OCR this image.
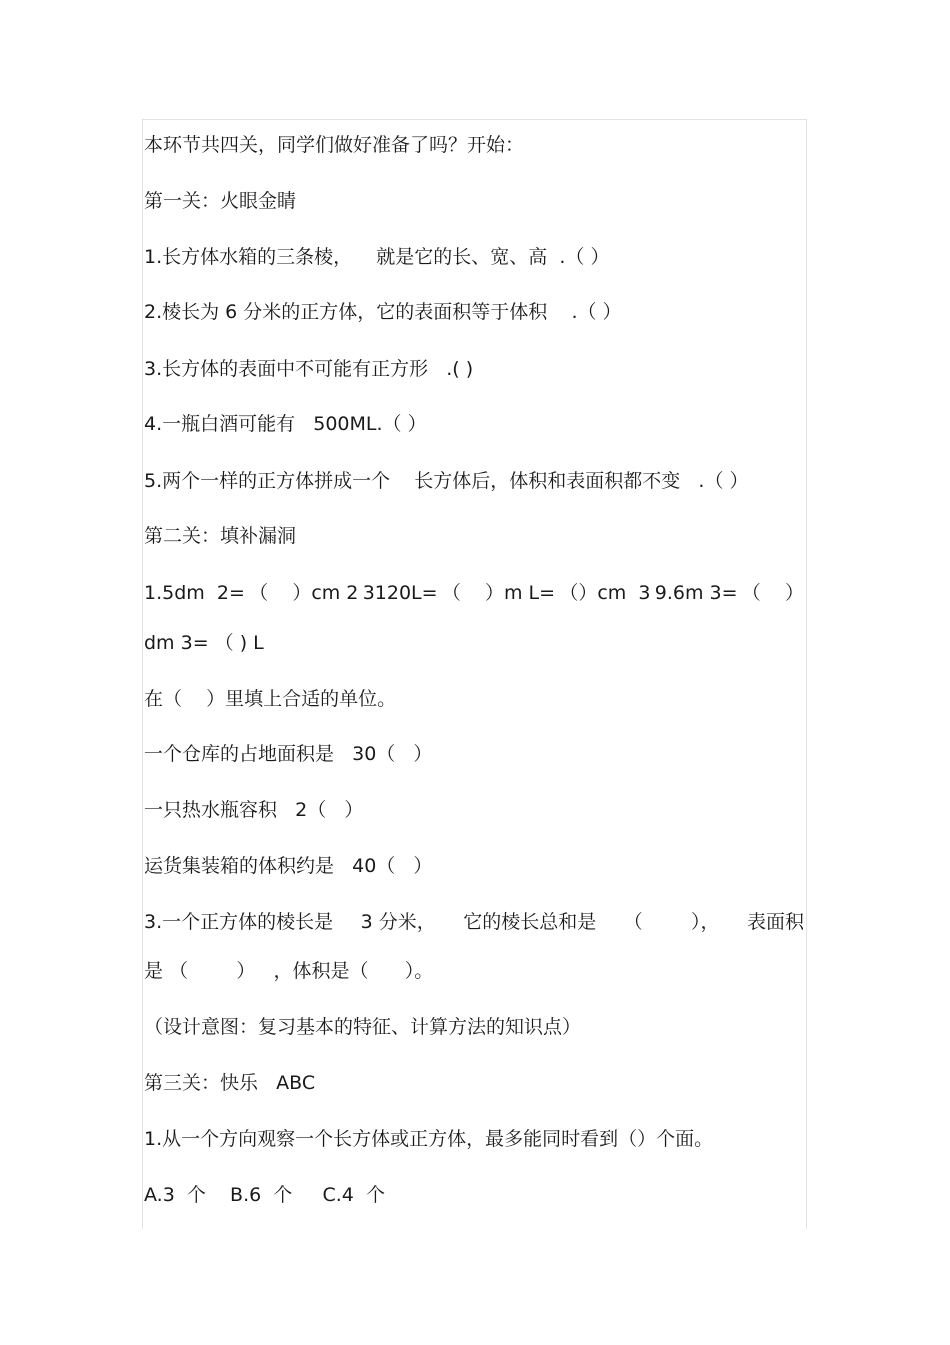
本环节共四关，同学们做好准备了吗？开始：
第一关：火眼金睛
1.长方体水箱的三条棱，    就是它的长、宽、高  .（ ）
2.棱长为 6 分米的正方体，它的表面积等于体积    .（ ）
3.长方体的表面中不可能有正方形   .( )
4.一瓶白酒可能有   500ML.（ ）
5.两个一样的正方体拼成一个    长方体后，体积和表面积都不变   .（ ）
第二关：填补漏洞
1.5dm  2= （    ）cm 2 3120L= （    ）m L= （）cm  3 9.6m 3= （    ）
dm 3= （ ) L
在（    ）里填上合适的单位。
一个仓库的占地面积是   30（   ）
一只热水瓶容积   2（   ）
运货集装箱的体积约是   40（   ）
3.一个正方体的棱长是 3 分米， 它的棱长总和是 （        ）， 表面积
是 （        ）   ，体积是（      ）。
（设计意图：复习基本的特征、计算方法的知识点）
第三关：快乐   ABC
1.从一个方向观察一个长方体或正方体，最多能同时看到（）个面。
A.3  个    B.6  个     C.4  个
